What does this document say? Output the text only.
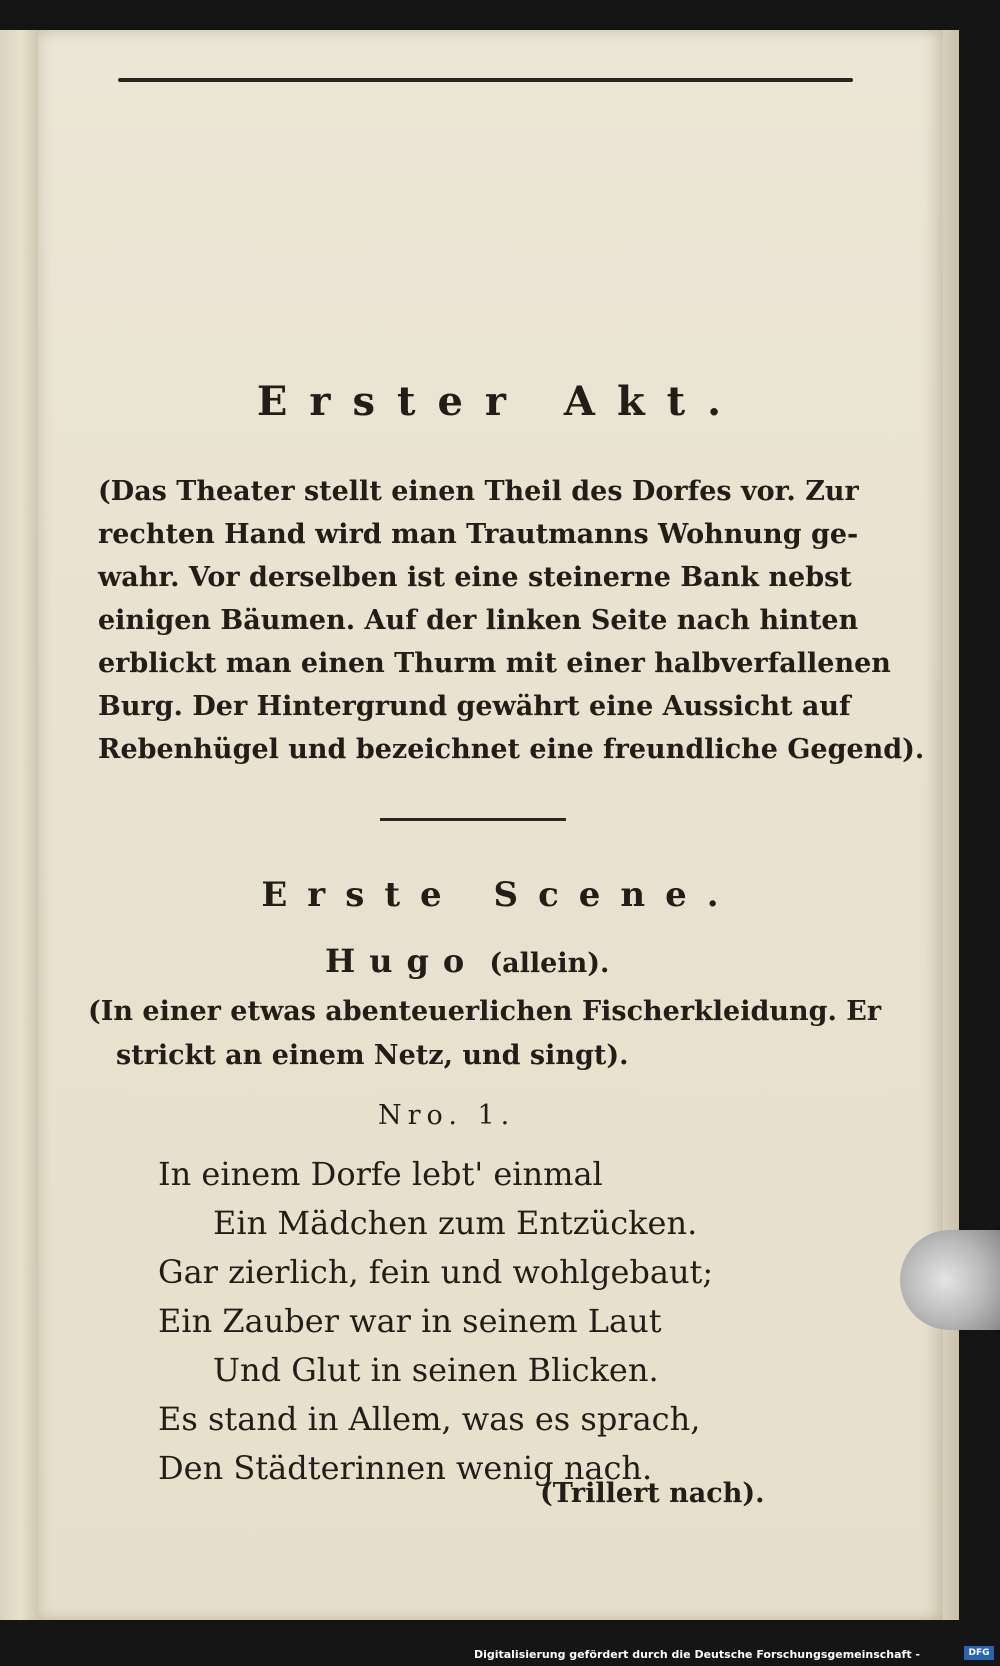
Erster Akt.
(Das Theater stellt einen Theil des Dorfes vor. Zur
rechten Hand wird man Trautmanns Wohnung ge-
wahr. Vor derselben ist eine steinerne Bank nebst
einigen Bäumen. Auf der linken Seite nach hinten
erblickt man einen Thurm mit einer halbverfallenen
Burg. Der Hintergrund gewährt eine Aussicht auf
Rebenhügel und bezeichnet eine freundliche Gegend).
Erste Scene.
Hugo (allein).
(In einer etwas abenteuerlichen Fischerkleidung. Er
strickt an einem Netz, und singt).
Nro. 1.
In einem Dorfe lebt' einmal
Ein Mädchen zum Entzücken.
Gar zierlich, fein und wohlgebaut;
Ein Zauber war in seinem Laut
Und Glut in seinen Blicken.
Es stand in Allem, was es sprach,
Den Städterinnen wenig nach.
(Trillert nach).
Digitalisierung gefördert durch die Deutsche Forschungsgemeinschaft -	DFG
